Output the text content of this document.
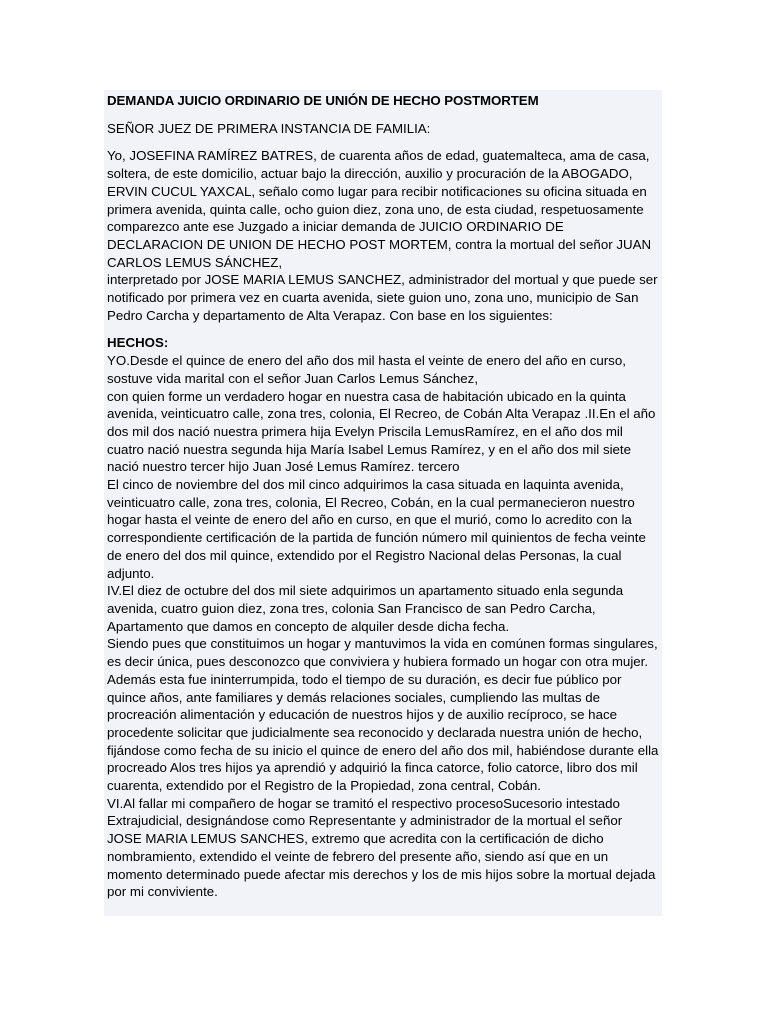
DEMANDA JUICIO ORDINARIO DE UNIÓN DE HECHO POSTMORTEM

SEÑOR JUEZ DE PRIMERA INSTANCIA DE FAMILIA:

Yo, JOSEFINA RAMÍREZ BATRES, de cuarenta años de edad, guatemalteca, ama de casa, soltera, de este domicilio, actuar bajo la dirección, auxilio y procuración de la ABOGADO, ERVIN CUCUL YAXCAL, señalo como lugar para recibir notificaciones su oficina situada en primera avenida, quinta calle, ocho guion diez, zona uno, de esta ciudad, respetuosamente comparezco ante ese Juzgado a iniciar demanda de JUICIO ORDINARIO DE DECLARACION DE UNION DE HECHO POST MORTEM, contra la mortual del señor JUAN CARLOS LEMUS SÁNCHEZ,

interpretado por JOSE MARIA LEMUS SANCHEZ, administrador del mortual y que puede ser notificado por primera vez en cuarta avenida, siete guion uno, zona uno, municipio de San Pedro Carcha y departamento de Alta Verapaz. Con base en los siguientes:

HECHOS:

YO.Desde el quince de enero del año dos mil hasta el veinte de enero del año en curso, sostuve vida marital con el señor Juan Carlos Lemus Sánchez,

con quien forme un verdadero hogar en nuestra casa de habitación ubicado en la quinta avenida, veinticuatro calle, zona tres, colonia, El Recreo, de Cobán Alta Verapaz .II.En el año dos mil dos nació nuestra primera hija Evelyn Priscila LemusRamírez, en el año dos mil cuatro nació nuestra segunda hija María Isabel Lemus Ramírez, y en el año dos mil siete nació nuestro tercer hijo Juan José Lemus Ramírez. tercero

El cinco de noviembre del dos mil cinco adquirimos la casa situada en laquinta avenida, veinticuatro calle, zona tres, colonia, El Recreo, Cobán, en la cual permanecieron nuestro hogar hasta el veinte de enero del año en curso, en que el murió, como lo acredito con la correspondiente certificación de la partida de función número mil quinientos de fecha veinte de enero del dos mil quince, extendido por el Registro Nacional delas Personas, la cual adjunto.

IV.El diez de octubre del dos mil siete adquirimos un apartamento situado enla segunda avenida, cuatro guion diez, zona tres, colonia San Francisco de san Pedro Carcha, Apartamento que damos en concepto de alquiler desde dicha fecha.

Siendo pues que constituimos un hogar y mantuvimos la vida en comúnen formas singulares, es decir única, pues desconozco que conviviera y hubiera formado un hogar con otra mujer. Además esta fue ininterrumpida, todo el tiempo de su duración, es decir fue público por quince años, ante familiares y demás relaciones sociales, cumpliendo las multas de procreación alimentación y educación de nuestros hijos y de auxilio recíproco, se hace procedente solicitar que judicialmente sea reconocido y declarada nuestra unión de hecho, fijándose como fecha de su inicio el quince de enero del año dos mil, habiéndose durante ella procreado Alos tres hijos ya aprendió y adquirió la finca catorce, folio catorce, libro dos mil cuarenta, extendido por el Registro de la Propiedad, zona central, Cobán.

VI.Al fallar mi compañero de hogar se tramitó el respectivo procesoSucesorio intestado Extrajudicial, designándose como Representante y administrador de la mortual el señor JOSE MARIA LEMUS SANCHES, extremo que acredita con la certificación de dicho nombramiento, extendido el veinte de febrero del presente año, siendo así que en un momento determinado puede afectar mis derechos y los de mis hijos sobre la mortual dejada por mi conviviente.
